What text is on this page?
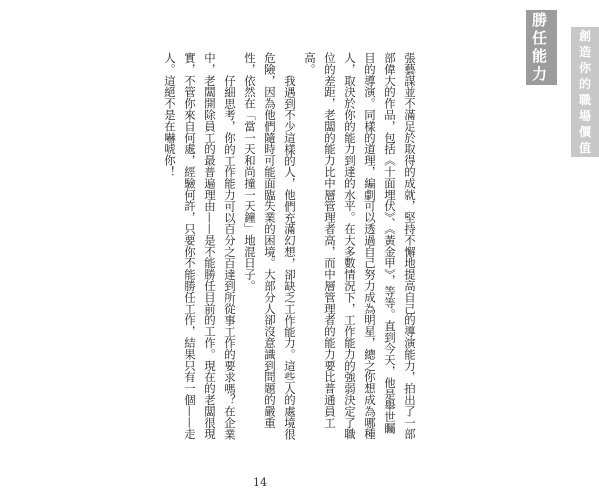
勝任能力
創造你的職場價值

張藝謀並不滿足於取得的成就，堅持不懈地提高自己的導演能力，拍出了一部部偉大的作品，包括《十面埋伏》、《黃金甲》，等等。直到今天，他是舉世矚目的導演。同樣的道理，編劇可以透過自己努力成為明星，總之你想成為哪種人，取決於你的能力到達的水平。在大多數情況下，工作能力的強弱決定了職位的差距，老闆的能力比中層管理者高，而中層管理者的能力要比普通員工高。

我遇到不少這樣的人，他們充滿幻想，卻缺乏工作能力。這些人的處境很危險，因為他們隨時可能面臨失業的困境。大部分人卻沒意識到問題的嚴重性，依然在「當一天和尚撞一天鐘」地混日子。

仔細思考，你的工作能力可以百分之百達到所從事工作的要求嗎？在企業中，老闆開除員工的最普遍理由——是不能勝任目前的工作。現在的老闆很現實，不管你來自何處，經驗何許，只要你不能勝任工作，結果只有一個——走人。這絕不是在嚇唬你！

14
